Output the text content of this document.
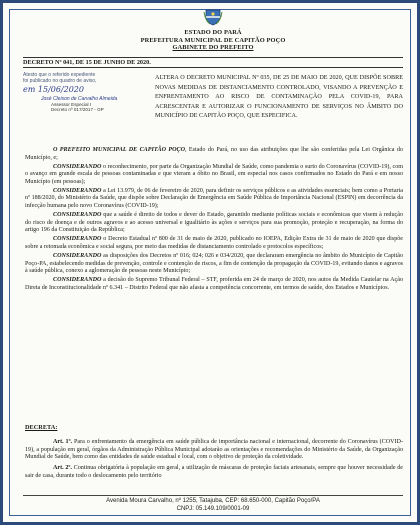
ESTADO DO PARÁ
PREFEITURA MUNICIPAL DE CAPITÃO POÇO
GABINETE DO PREFEITO
DECRETO Nº 041, DE 15 DE JUNHO DE 2020.
Atesto que o referido expediente
foi publicado no quadro de aviso,
em 15/06/2020
José Cleison de Carvalho Almeida
Assessor Especial I
Decreto nº 017/2017 - GP
ALTERA O DECRETO MUNICIPAL Nº 035, DE 25 DE MAIO DE 2020, QUE DISPÕE SOBRE NOVAS MEDIDAS DE DISTANCIAMENTO CONTROLADO, VISANDO A PREVENÇÃO E ENFRENTAMENTO AO RISCO DE CONTAMINAÇÃO PELA COVID-19, PARA ACRESCENTAR E AUTORIZAR O FUNCIONAMENTO DE SERVIÇOS NO ÂMBITO DO MUNICÍPIO DE CAPITÃO POÇO, QUE ESPECIFICA.

O PREFEITO MUNICIPAL DE CAPITÃO POÇO, Estado do Pará, no uso das atribuições que lhe são conferidas pela Lei Orgânica do Município, e;

CONSIDERANDO o reconhecimento, por parte da Organização Mundial de Saúde, como pandemia o surto do Coronavírus (COVID-19), com o avanço em grande escala de pessoas contaminadas e que vieram a óbito no Brasil, em especial nos casos confirmados no Estado do Pará e em nosso Município (em pessoas);

CONSIDERANDO a Lei 13.979, de 06 de fevereiro de 2020, para definir os serviços públicos e as atividades essenciais; bem como a Portaria nº 188/2020, do Ministério da Saúde, que dispõe sobre Declaração de Emergência em Saúde Pública de Importância Nacional (ESPIN) em decorrência da infecção humana pelo novo Coronavírus (COVID-19);

CONSIDERANDO que a saúde é direito de todos e dever do Estado, garantido mediante políticas sociais e econômicas que visem à redução do risco de doença e de outros agravos e ao acesso universal e igualitário às ações e serviços para sua promoção, proteção e recuperação, na forma do artigo 196 da Constituição da República;

CONSIDERANDO o Decreto Estadual nº 800 de 31 de maio de 2020, publicado no IOEPA, Edição Extra de 31 de maio de 2020 que dispõe sobre a retomada econômica e social segura, por meio das medidas de distanciamento controlado e protocolos específicos;

CONSIDERANDO as disposições dos Decretos nº 016; 024; 026 e 034/2020, que declararam emergência no âmbito do Município de Capitão Poço-PA, estabelecendo medidas de prevenção, controle e contenção de riscos, a fim de contenção da propagação da COVID-19, evitando danos e agravos à saúde pública, conexo a aglomeração de pessoas neste Município;

CONSIDERANDO a decisão do Supremo Tribunal Federal – STF, proferida em 24 de março de 2020, nos autos da Medida Cautelar na Ação Direta de Inconstitucionalidade nº 6.341 – Distrito Federal que não afasta a competência concorrente, em termos de saúde, dos Estados e Municípios.

DECRETA:

Art. 1º. Para o enfrentamento da emergência em saúde pública de importância nacional e internacional, decorrente do Coronavírus (COVID-19), a população em geral, órgãos da Administração Pública Municipal adotarão as orientações e recomendações do Ministério da Saúde, da Organização Mundial de Saúde, bem como das entidades de saúde estadual e local, com o objetivo de proteção da coletividade.

Art. 2º. Continua obrigatória à população em geral, a utilização de máscaras de proteção faciais artesanais, sempre que houver necessidade de sair de casa, durante todo o deslocamento pelo território

Avenida Moura Carvalho, nº 1255, Tatajuba, CEP: 68.650-000, Capitão Poço/PA
CNPJ: 05.149.109/0001-09
